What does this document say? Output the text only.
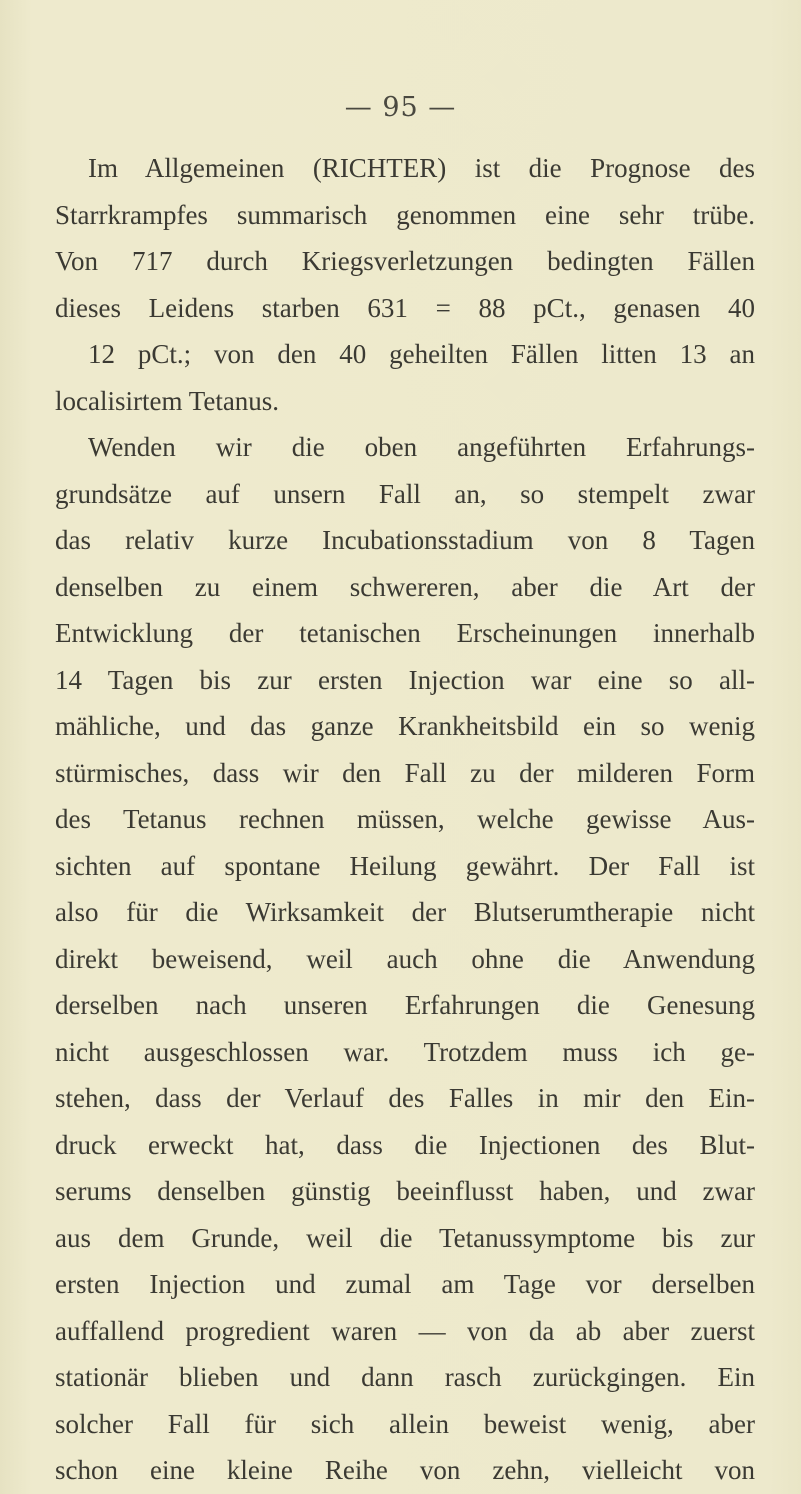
— 95 —
Im Allgemeinen (RICHTER) ist die Prognose des
Starrkrampfes summarisch genommen eine sehr trübe.
Von 717 durch Kriegsverletzungen bedingten Fällen
dieses Leidens starben 631 = 88 pCt., genasen 40
12 pCt.; von den 40 geheilten Fällen litten 13 an
localisirtem Tetanus.
Wenden wir die oben angeführten Erfahrungs-
grundsätze auf unsern Fall an, so stempelt zwar
das relativ kurze Incubationsstadium von 8 Tagen
denselben zu einem schwereren, aber die Art der
Entwicklung der tetanischen Erscheinungen innerhalb
14 Tagen bis zur ersten Injection war eine so all-
mähliche, und das ganze Krankheitsbild ein so wenig
stürmisches, dass wir den Fall zu der milderen Form
des Tetanus rechnen müssen, welche gewisse Aus-
sichten auf spontane Heilung gewährt. Der Fall ist
also für die Wirksamkeit der Blutserumtherapie nicht
direkt beweisend, weil auch ohne die Anwendung
derselben nach unseren Erfahrungen die Genesung
nicht ausgeschlossen war. Trotzdem muss ich ge-
stehen, dass der Verlauf des Falles in mir den Ein-
druck erweckt hat, dass die Injectionen des Blut-
serums denselben günstig beeinflusst haben, und zwar
aus dem Grunde, weil die Tetanussymptome bis zur
ersten Injection und zumal am Tage vor derselben
auffallend progredient waren — von da ab aber zuerst
stationär blieben und dann rasch zurückgingen. Ein
solcher Fall für sich allein beweist wenig, aber
schon eine kleine Reihe von zehn, vielleicht von
